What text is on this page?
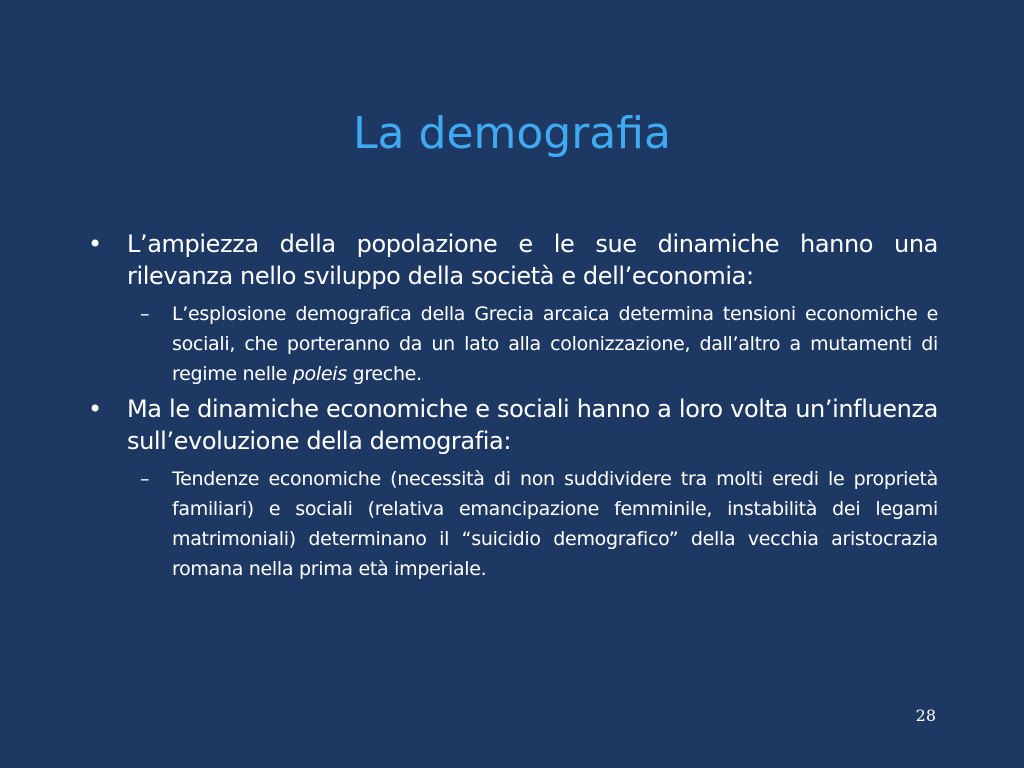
La demografia
• L’ampiezza della popolazione e le sue dinamiche hanno una rilevanza nello sviluppo della società e dell’economia:
– L’esplosione demografica della Grecia arcaica determina tensioni economiche e sociali, che porteranno da un lato alla colonizzazione, dall’altro a mutamenti di regime nelle poleis greche.
• Ma le dinamiche economiche e sociali hanno a loro volta un’influenza sull’evoluzione della demografia:
– Tendenze economiche (necessità di non suddividere tra molti eredi le proprietà familiari) e sociali (relativa emancipazione femminile, instabilità dei legami matrimoniali) determinano il “suicidio demografico” della vecchia aristocrazia romana nella prima età imperiale.
28
